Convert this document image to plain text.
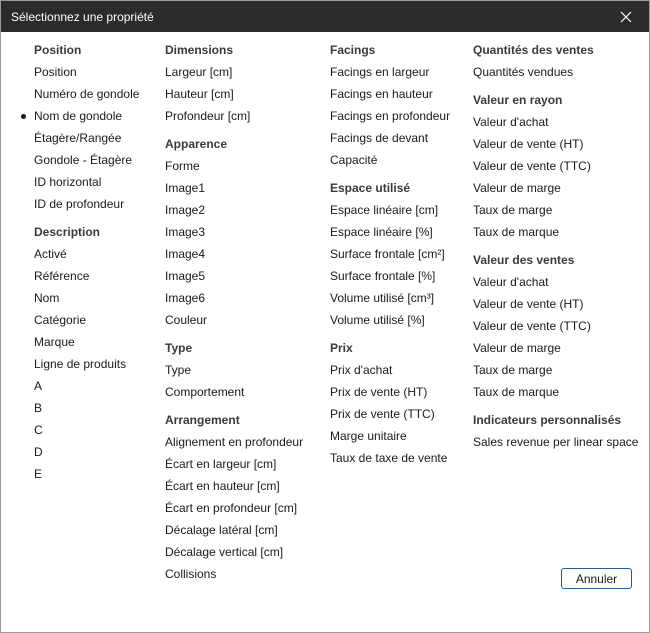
Sélectionnez une propriété
Position
Position
Numéro de gondole
Nom de gondole
Étagère/Rangée
Gondole - Étagère
ID horizontal
ID de profondeur
Description
Activé
Référence
Nom
Catégorie
Marque
Ligne de produits
A
B
C
D
E
Dimensions
Largeur [cm]
Hauteur [cm]
Profondeur [cm]
Apparence
Forme
Image1
Image2
Image3
Image4
Image5
Image6
Couleur
Type
Type
Comportement
Arrangement
Alignement en profondeur
Écart en largeur [cm]
Écart en hauteur [cm]
Écart en profondeur [cm]
Décalage latéral [cm]
Décalage vertical [cm]
Collisions
Facings
Facings en largeur
Facings en hauteur
Facings en profondeur
Facings de devant
Capacité
Espace utilisé
Espace linéaire [cm]
Espace linéaire [%]
Surface frontale [cm²]
Surface frontale [%]
Volume utilisé [cm³]
Volume utilisé [%]
Prix
Prix d'achat
Prix de vente (HT)
Prix de vente (TTC)
Marge unitaire
Taux de taxe de vente
Quantités des ventes
Quantités vendues
Valeur en rayon
Valeur d'achat
Valeur de vente (HT)
Valeur de vente (TTC)
Valeur de marge
Taux de marge
Taux de marque
Valeur des ventes
Valeur d'achat
Valeur de vente (HT)
Valeur de vente (TTC)
Valeur de marge
Taux de marge
Taux de marque
Indicateurs personnalisés
Sales revenue per linear space
Annuler
